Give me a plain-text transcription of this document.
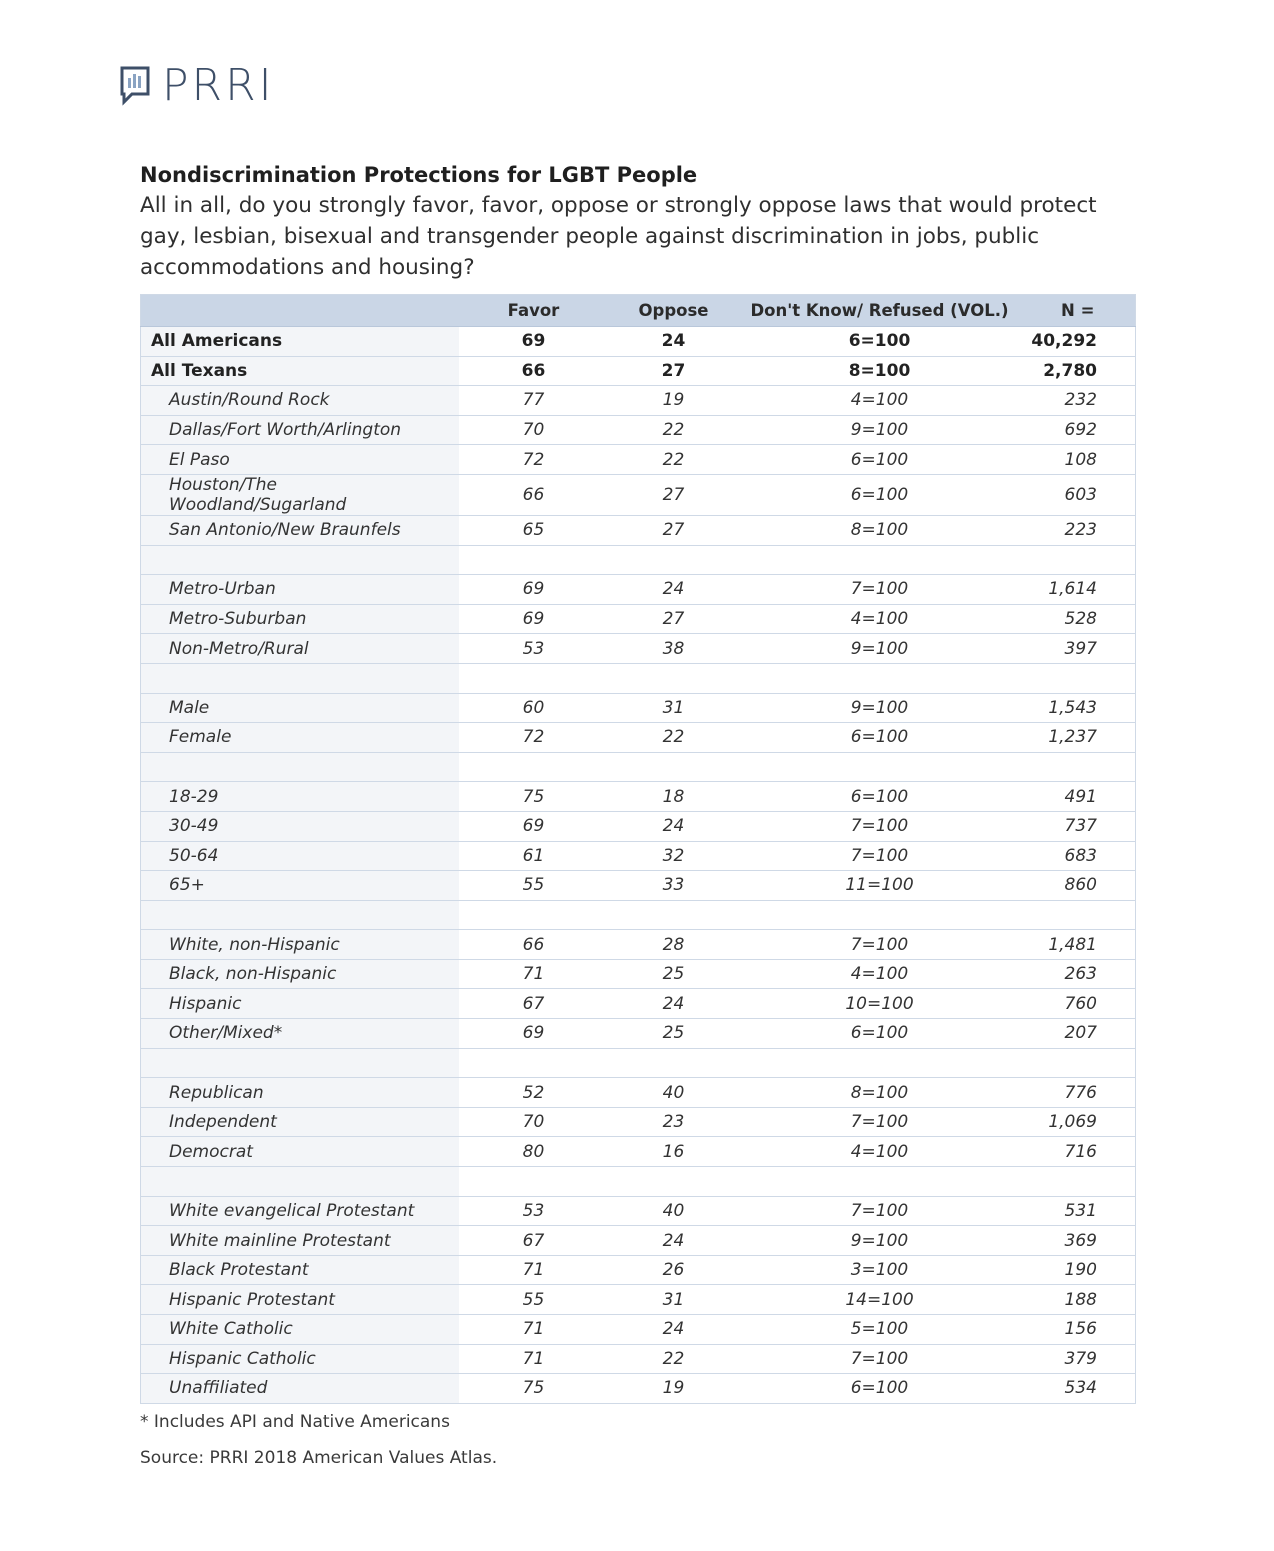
PRRI

Nondiscrimination Protections for LGBT People

All in all, do you strongly favor, favor, oppose or strongly oppose laws that would protect gay, lesbian, bisexual and transgender people against discrimination in jobs, public accommodations and housing?

	Favor	Oppose	Don't Know/ Refused (VOL.)	N =
All Americans	69	24	6=100	40,292
All Texans	66	27	8=100	2,780
Austin/Round Rock	77	19	4=100	232
Dallas/Fort Worth/Arlington	70	22	9=100	692
El Paso	72	22	6=100	108
Houston/The Woodland/Sugarland	66	27	6=100	603
San Antonio/New Braunfels	65	27	8=100	223

Metro-Urban	69	24	7=100	1,614
Metro-Suburban	69	27	4=100	528
Non-Metro/Rural	53	38	9=100	397

Male	60	31	9=100	1,543
Female	72	22	6=100	1,237

18-29	75	18	6=100	491
30-49	69	24	7=100	737
50-64	61	32	7=100	683
65+	55	33	11=100	860

White, non-Hispanic	66	28	7=100	1,481
Black, non-Hispanic	71	25	4=100	263
Hispanic	67	24	10=100	760
Other/Mixed*	69	25	6=100	207

Republican	52	40	8=100	776
Independent	70	23	7=100	1,069
Democrat	80	16	4=100	716

White evangelical Protestant	53	40	7=100	531
White mainline Protestant	67	24	9=100	369
Black Protestant	71	26	3=100	190
Hispanic Protestant	55	31	14=100	188
White Catholic	71	24	5=100	156
Hispanic Catholic	71	22	7=100	379
Unaffiliated	75	19	6=100	534
* Includes API and Native Americans
Source: PRRI 2018 American Values Atlas.
